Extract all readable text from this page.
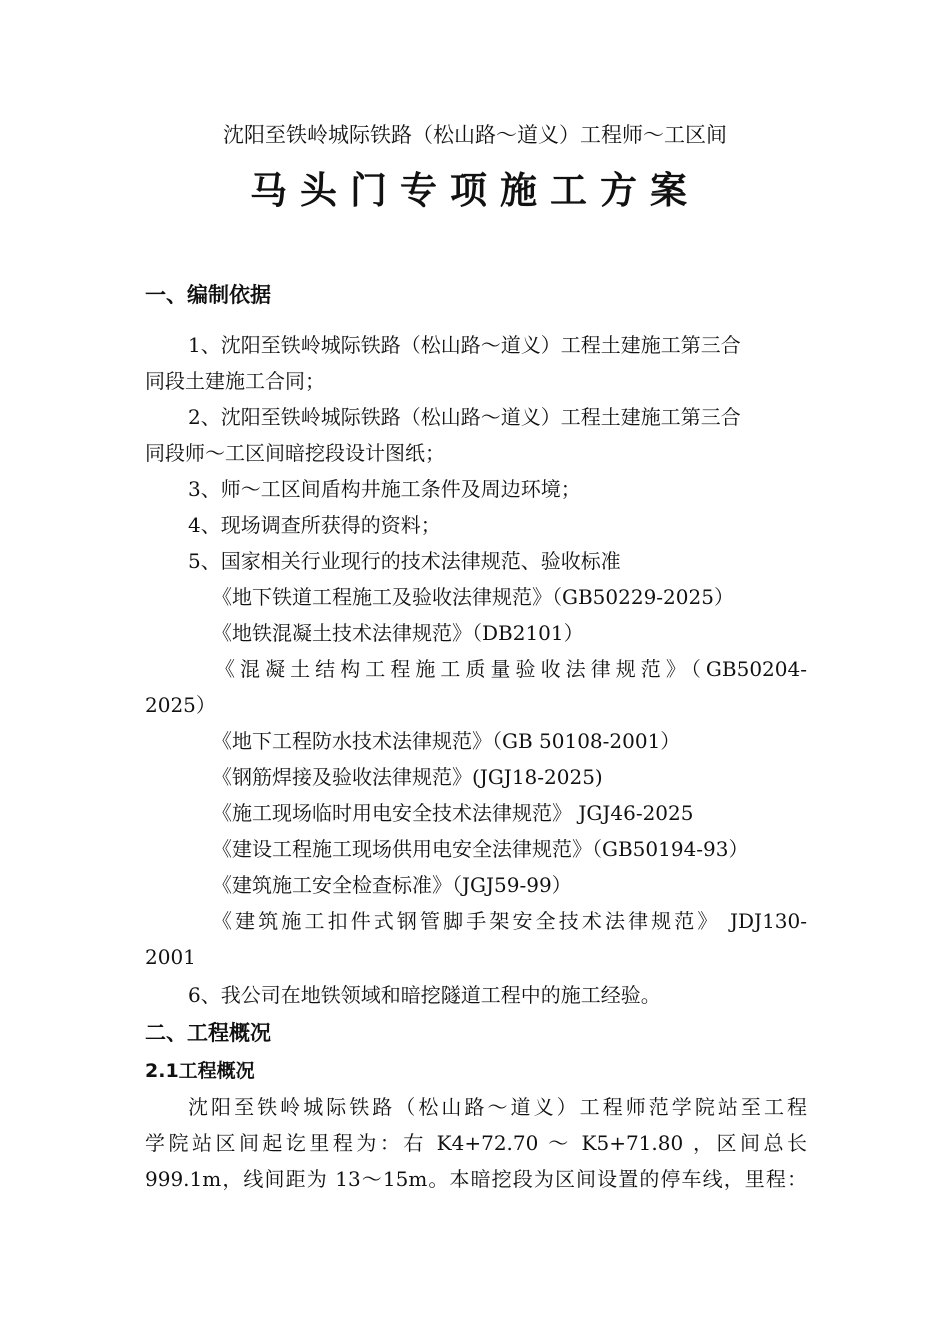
沈阳至铁岭城际铁路（松山路～道义）工程师～工区间
马头门专项施工方案
一、编制依据
1、沈阳至铁岭城际铁路（松山路～道义）工程土建施工第三合
同段土建施工合同；
2、沈阳至铁岭城际铁路（松山路～道义）工程土建施工第三合
同段师～工区间暗挖段设计图纸；
3、师～工区间盾构井施工条件及周边环境；
4、现场调查所获得的资料；
5、国家相关行业现行的技术法律规范、验收标准
《地下铁道工程施工及验收法律规范》（GB50229-2025）
《地铁混凝土技术法律规范》（DB2101）
《混凝土结构工程施工质量验收法律规范》（GB50204-
2025）
《地下工程防水技术法律规范》（GB 50108-2001）
《钢筋焊接及验收法律规范》(JGJ18-2025)
《施工现场临时用电安全技术法律规范》 JGJ46-2025
《建设工程施工现场供用电安全法律规范》（GB50194-93）
《建筑施工安全检查标准》（JGJ59-99）
《建筑施工扣件式钢管脚手架安全技术法律规范》 JDJ130-
2001
6、我公司在地铁领域和暗挖隧道工程中的施工经验。
二、工程概况
2.1工程概况
沈阳至铁岭城际铁路（松山路～道义）工程师范学院站至工程
学院站区间起讫里程为：右 K4+72.70 ～ K5+71.80 ，区间总长
999.1m，线间距为 13～15m。本暗挖段为区间设置的停车线，里程：
